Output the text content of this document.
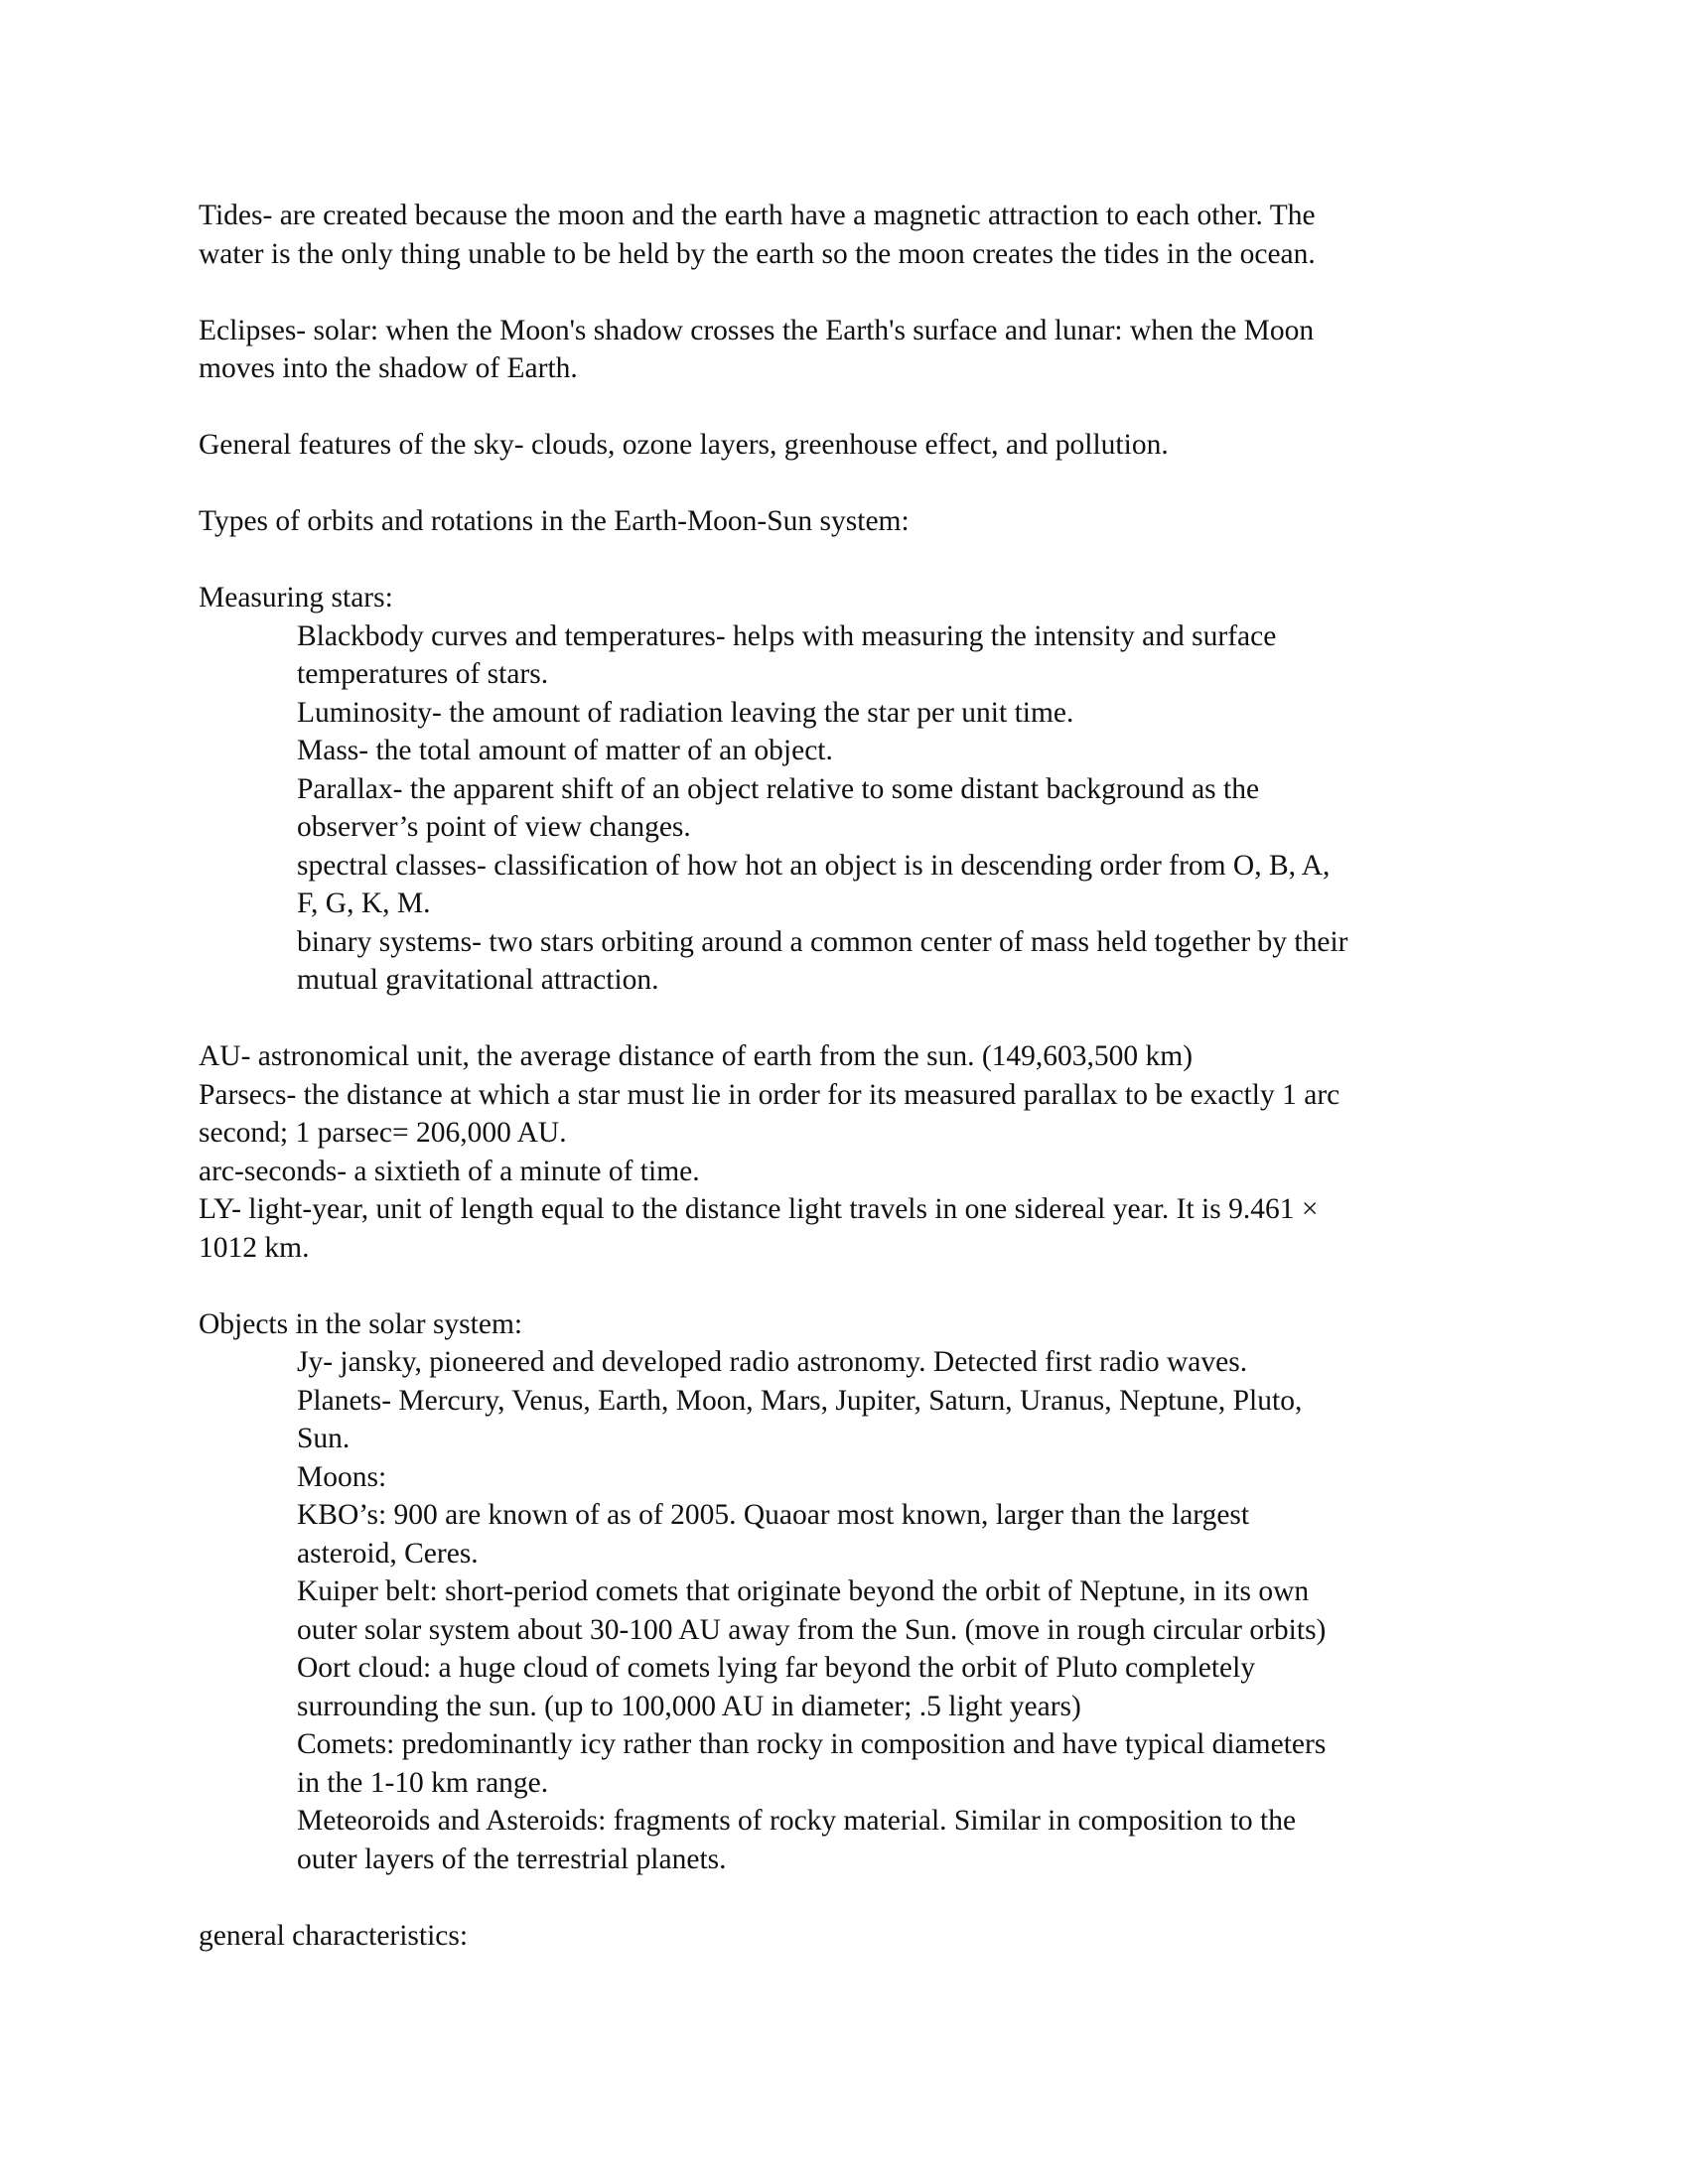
Tides- are created because the moon and the earth have a magnetic attraction to each other. The
water is the only thing unable to be held by the earth so the moon creates the tides in the ocean.
Eclipses- solar: when the Moon's shadow crosses the Earth's surface and lunar: when the Moon
moves into the shadow of Earth.
General features of the sky- clouds, ozone layers, greenhouse effect, and pollution.
Types of orbits and rotations in the Earth-Moon-Sun system:
Measuring stars:
Blackbody curves and temperatures- helps with measuring the intensity and surface
temperatures of stars.
Luminosity- the amount of radiation leaving the star per unit time.
Mass- the total amount of matter of an object.
Parallax- the apparent shift of an object relative to some distant background as the
observer’s point of view changes.
spectral classes- classification of how hot an object is in descending order from O, B, A,
F, G, K, M.
binary systems- two stars orbiting around a common center of mass held together by their
mutual gravitational attraction.
AU- astronomical unit, the average distance of earth from the sun. (149,603,500 km)
Parsecs- the distance at which a star must lie in order for its measured parallax to be exactly 1 arc
second; 1 parsec= 206,000 AU.
arc-seconds- a sixtieth of a minute of time.
LY- light-year, unit of length equal to the distance light travels in one sidereal year. It is 9.461 ×
1012 km.
Objects in the solar system:
Jy- jansky, pioneered and developed radio astronomy. Detected first radio waves.
Planets- Mercury, Venus, Earth, Moon, Mars, Jupiter, Saturn, Uranus, Neptune, Pluto,
Sun.
Moons:
KBO’s: 900 are known of as of 2005. Quaoar most known, larger than the largest
asteroid, Ceres.
Kuiper belt: short-period comets that originate beyond the orbit of Neptune, in its own
outer solar system about 30-100 AU away from the Sun. (move in rough circular orbits)
Oort cloud: a huge cloud of comets lying far beyond the orbit of Pluto completely
surrounding the sun. (up to 100,000 AU in diameter; .5 light years)
Comets: predominantly icy rather than rocky in composition and have typical diameters
in the 1-10 km range.
Meteoroids and Asteroids: fragments of rocky material. Similar in composition to the
outer layers of the terrestrial planets.
general characteristics:
